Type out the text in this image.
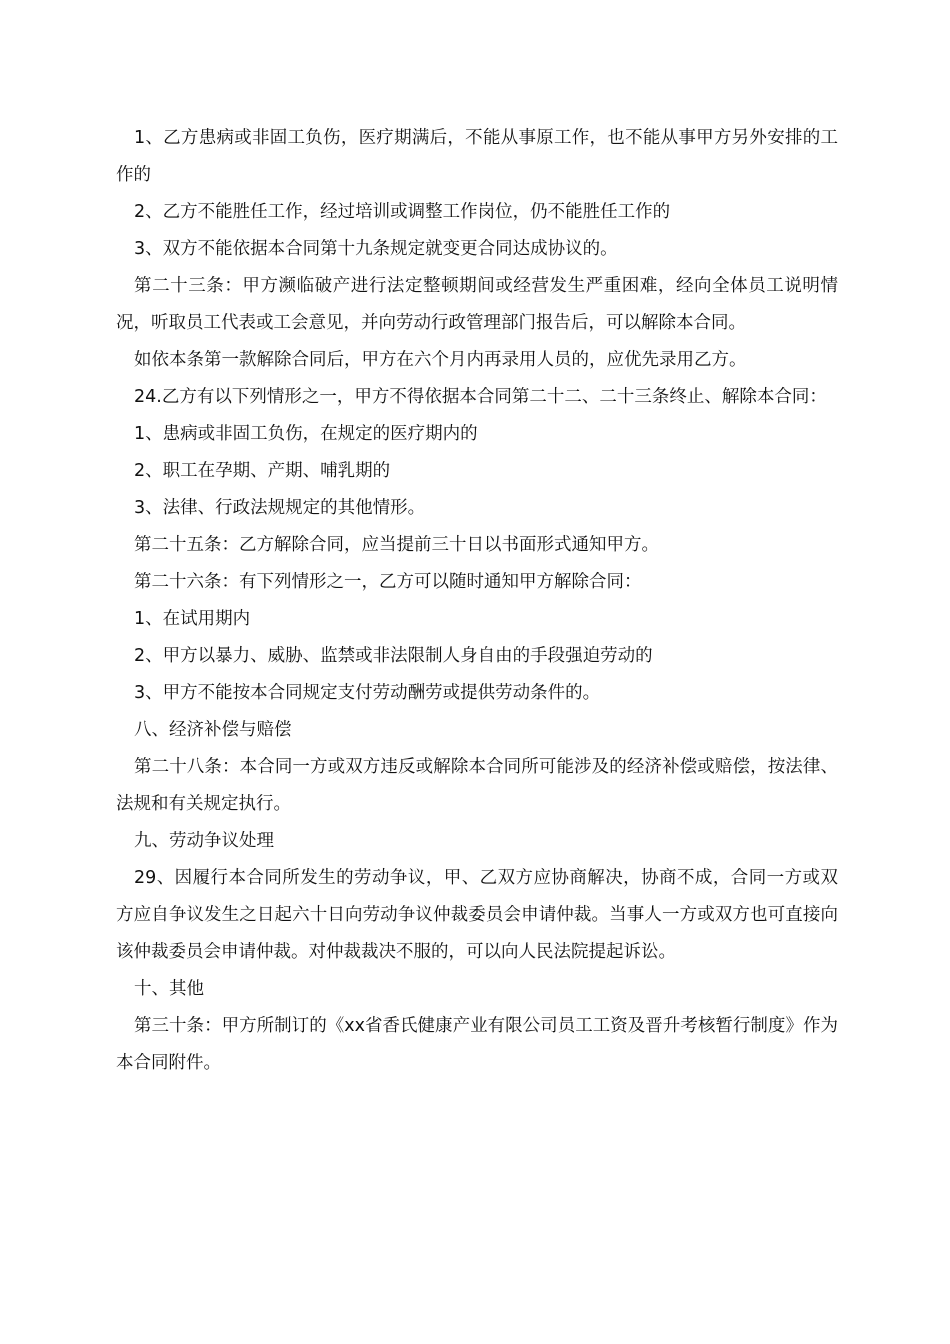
1、乙方患病或非固工负伤，医疗期满后，不能从事原工作，也不能从事甲方另外安排的工作的

2、乙方不能胜任工作，经过培训或调整工作岗位，仍不能胜任工作的

3、双方不能依据本合同第十九条规定就变更合同达成协议的。

第二十三条：甲方濒临破产进行法定整顿期间或经营发生严重困难，经向全体员工说明情况，听取员工代表或工会意见，并向劳动行政管理部门报告后，可以解除本合同。

如依本条第一款解除合同后，甲方在六个月内再录用人员的，应优先录用乙方。

24.乙方有以下列情形之一，甲方不得依据本合同第二十二、二十三条终止、解除本合同：

1、患病或非固工负伤，在规定的医疗期内的

2、职工在孕期、产期、哺乳期的

3、法律、行政法规规定的其他情形。

第二十五条：乙方解除合同，应当提前三十日以书面形式通知甲方。

第二十六条：有下列情形之一，乙方可以随时通知甲方解除合同：

1、在试用期内

2、甲方以暴力、威胁、监禁或非法限制人身自由的手段强迫劳动的

3、甲方不能按本合同规定支付劳动酬劳或提供劳动条件的。

八、经济补偿与赔偿

第二十八条：本合同一方或双方违反或解除本合同所可能涉及的经济补偿或赔偿，按法律、法规和有关规定执行。

九、劳动争议处理

29、因履行本合同所发生的劳动争议，甲、乙双方应协商解决，协商不成，合同一方或双方应自争议发生之日起六十日向劳动争议仲裁委员会申请仲裁。当事人一方或双方也可直接向该仲裁委员会申请仲裁。对仲裁裁决不服的，可以向人民法院提起诉讼。

十、其他

第三十条：甲方所制订的《xx省香氏健康产业有限公司员工工资及晋升考核暂行制度》作为本合同附件。
